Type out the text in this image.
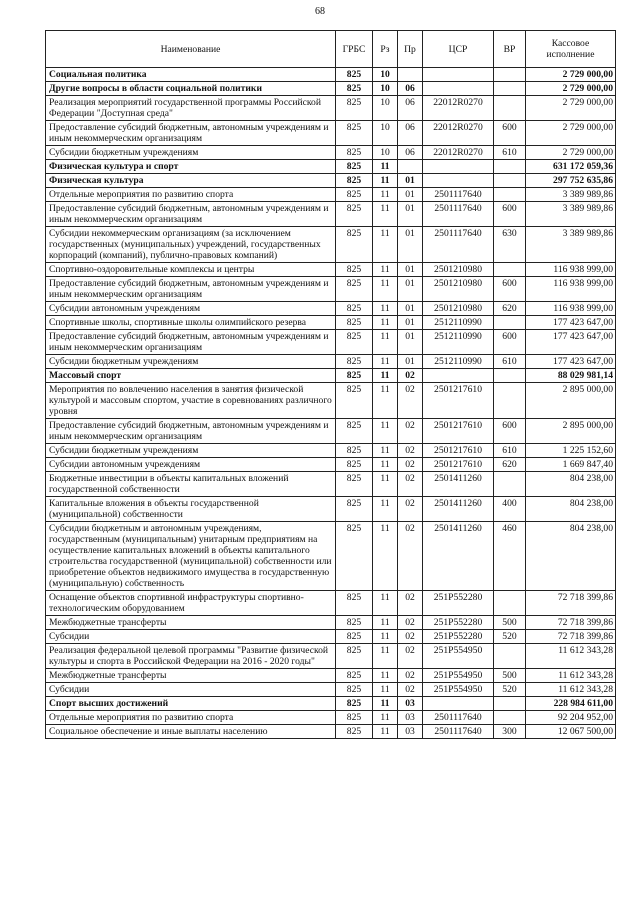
68
Наименование	ГРБС	Рз	Пр	ЦСР	ВР	Кассовое исполнение
Социальная политика	825	10				2 729 000,00
Другие вопросы в области социальной политики	825	10	06			2 729 000,00
Реализация мероприятий государственной программы Российской Федерации "Доступная среда"	825	10	06	22012R0270		2 729 000,00
Предоставление субсидий бюджетным, автономным учреждениям и иным некоммерческим организациям	825	10	06	22012R0270	600	2 729 000,00
Субсидии бюджетным учреждениям	825	10	06	22012R0270	610	2 729 000,00
Физическая культура и спорт	825	11				631 172 059,36
Физическая культура	825	11	01			297 752 635,86
Отдельные мероприятия по развитию спорта	825	11	01	2501117640		3 389 989,86
Предоставление субсидий бюджетным, автономным учреждениям и иным некоммерческим организациям	825	11	01	2501117640	600	3 389 989,86
Субсидии некоммерческим организациям (за исключением государственных (муниципальных) учреждений, государственных корпораций (компаний), публично-правовых компаний)	825	11	01	2501117640	630	3 389 989,86
Спортивно-оздоровительные комплексы и центры	825	11	01	2501210980		116 938 999,00
Предоставление субсидий бюджетным, автономным учреждениям и иным некоммерческим организациям	825	11	01	2501210980	600	116 938 999,00
Субсидии автономным учреждениям	825	11	01	2501210980	620	116 938 999,00
Спортивные школы, спортивные школы олимпийского резерва	825	11	01	2512110990		177 423 647,00
Предоставление субсидий бюджетным, автономным учреждениям и иным некоммерческим организациям	825	11	01	2512110990	600	177 423 647,00
Субсидии бюджетным учреждениям	825	11	01	2512110990	610	177 423 647,00
Массовый спорт	825	11	02			88 029 981,14
Мероприятия по вовлечению населения в занятия физической культурой и массовым спортом, участие в соревнованиях различного уровня	825	11	02	2501217610		2 895 000,00
Предоставление субсидий бюджетным, автономным учреждениям и иным некоммерческим организациям	825	11	02	2501217610	600	2 895 000,00
Субсидии бюджетным учреждениям	825	11	02	2501217610	610	1 225 152,60
Субсидии автономным учреждениям	825	11	02	2501217610	620	1 669 847,40
Бюджетные инвестиции в объекты капитальных вложений государственной собственности	825	11	02	2501411260		804 238,00
Капитальные вложения в объекты государственной (муниципальной) собственности	825	11	02	2501411260	400	804 238,00
Субсидии бюджетным и автономным учреждениям, государственным (муниципальным) унитарным предприятиям на осуществление капитальных вложений в объекты капитального строительства государственной (муниципальной) собственности или приобретение объектов недвижимого имущества в государственную (муниципальную) собственность	825	11	02	2501411260	460	804 238,00
Оснащение объектов спортивной инфраструктуры спортивно-технологическим оборудованием	825	11	02	251P552280		72 718 399,86
Межбюджетные трансферты	825	11	02	251P552280	500	72 718 399,86
Субсидии	825	11	02	251P552280	520	72 718 399,86
Реализация федеральной целевой программы "Развитие физической культуры и спорта в Российской Федерации на 2016 - 2020 годы"	825	11	02	251P554950		11 612 343,28
Межбюджетные трансферты	825	11	02	251P554950	500	11 612 343,28
Субсидии	825	11	02	251P554950	520	11 612 343,28
Спорт высших достижений	825	11	03			228 984 611,00
Отдельные мероприятия по развитию спорта	825	11	03	2501117640		92 204 952,00
Социальное обеспечение и иные выплаты населению	825	11	03	2501117640	300	12 067 500,00
